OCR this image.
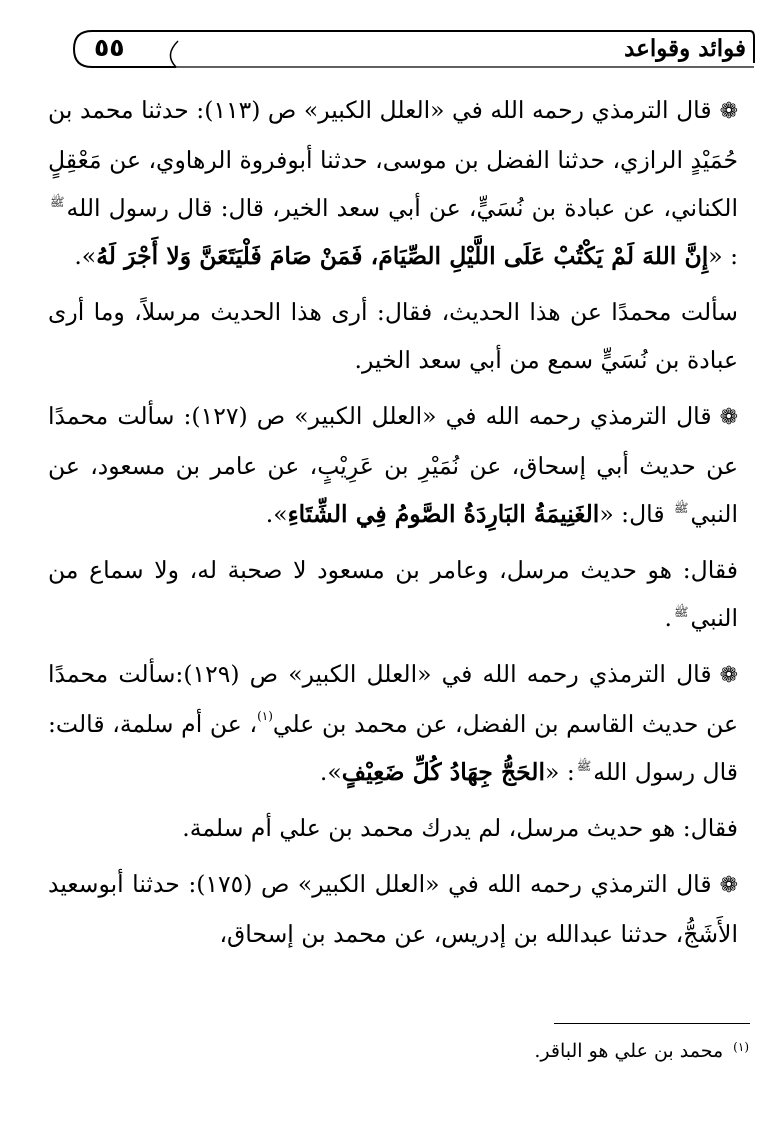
٥٥	فوائد وقواعد

❁قال الترمذي رحمه الله في «العلل الكبير» ص (١١٣): حدثنا محمد بن حُمَيْدٍ الرازي، حدثنا الفضل بن موسى، حدثنا أبوفروة الرهاوي، عن مَعْقِلٍ الكناني، عن عبادة بن نُسَيٍّ، عن أبي سعد الخير، قال: قال رسول اللهﷺ: «إِنَّ اللهَ لَمْ يَكْتُبْ عَلَى اللَّيْلِ الصِّيَامَ، فَمَنْ صَامَ فَلْيَتَعَنَّ وَلا أَجْرَ لَهُ».

سألت محمدًا عن هذا الحديث، فقال: أرى هذا الحديث مرسلاً، وما أرى عبادة بن نُسَيٍّ سمع من أبي سعد الخير.

❁قال الترمذي رحمه الله في «العلل الكبير» ص (١٢٧): سألت محمدًا عن حديث أبي إسحاق، عن نُمَيْرِ بن عَرِيْبٍ، عن عامر بن مسعود، عن النبيﷺ قال: «الغَنِيمَةُ البَارِدَةُ الصَّومُ فِي الشِّتَاءِ».

فقال: هو حديث مرسل، وعامر بن مسعود لا صحبة له، ولا سماع من النبيﷺ.

❁قال الترمذي رحمه الله في «العلل الكبير» ص (١٢٩):سألت محمدًا عن حديث القاسم بن الفضل، عن محمد بن علي$^{(١)}$، عن أم سلمة، قالت: قال رسول اللهﷺ: «الحَجُّ جِهَادُ كُلِّ ضَعِيْفٍ».

فقال: هو حديث مرسل، لم يدرك محمد بن علي أم سلمة.

❁قال الترمذي رحمه الله في «العلل الكبير» ص (١٧٥): حدثنا أبوسعيد الأَشَجُّ، حدثنا عبدالله بن إدريس، عن محمد بن إسحاق،

$^{(١)}$محمد بن علي هو الباقر.
